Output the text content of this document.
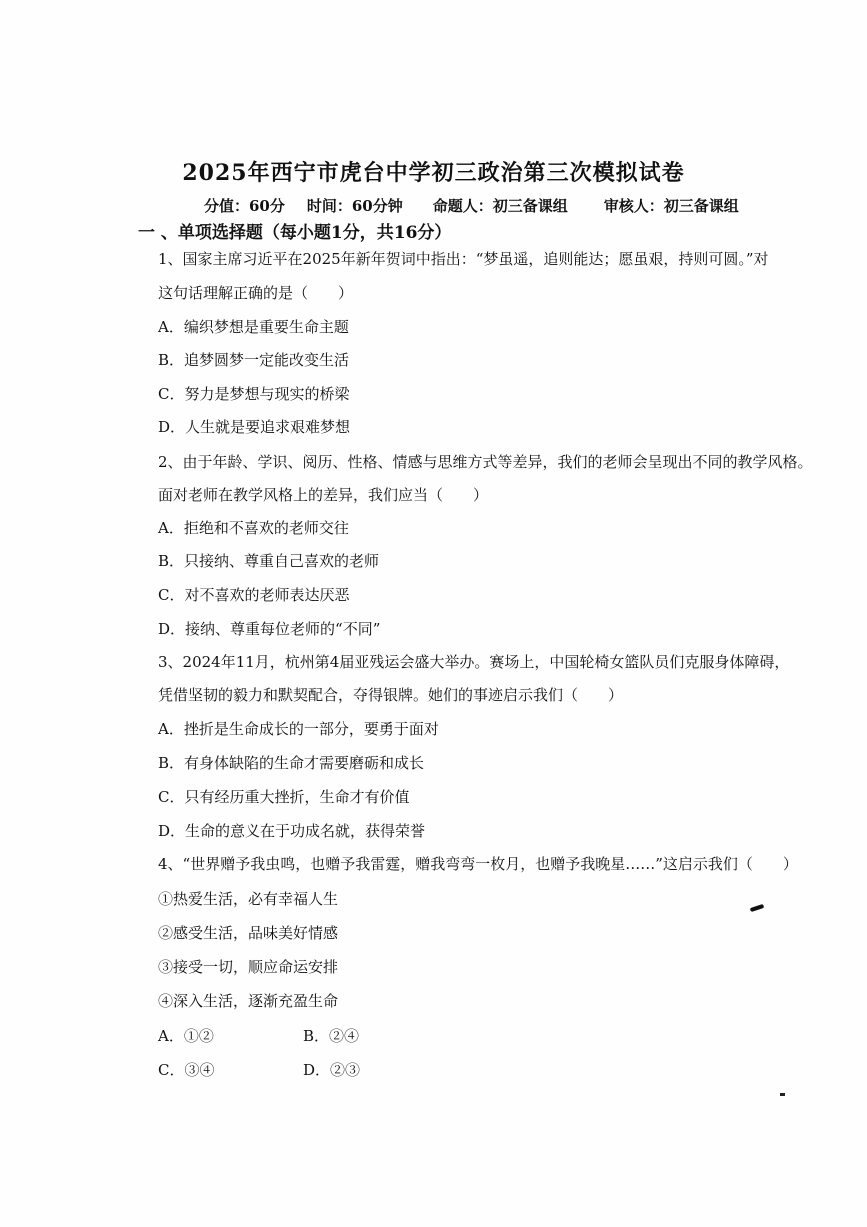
2025年西宁市虎台中学初三政治第三次模拟试卷
分值：60分 时间：60分钟 命题人：初三备课组 审核人：初三备课组
一 、单项选择题（每小题1分，共16分）
1、国家主席习近平在2025年新年贺词中指出：“梦虽遥，追则能达；愿虽艰，持则可圆。”对
这句话理解正确的是（　　）
A．编织梦想是重要生命主题
B．追梦圆梦一定能改变生活
C．努力是梦想与现实的桥梁
D．人生就是要追求艰难梦想
2、由于年龄、学识、阅历、性格、情感与思维方式等差异，我们的老师会呈现出不同的教学风格。
面对老师在教学风格上的差异，我们应当（　　）
A．拒绝和不喜欢的老师交往
B．只接纳、尊重自己喜欢的老师
C．对不喜欢的老师表达厌恶
D．接纳、尊重每位老师的“不同”
3、2024年11月，杭州第4届亚残运会盛大举办。赛场上，中国轮椅女篮队员们克服身体障碍，
凭借坚韧的毅力和默契配合，夺得银牌。她们的事迹启示我们（　　）
A．挫折是生命成长的一部分，要勇于面对
B．有身体缺陷的生命才需要磨砺和成长
C．只有经历重大挫折，生命才有价值
D．生命的意义在于功成名就，获得荣誉
4、“世界赠予我虫鸣，也赠予我雷霆，赠我弯弯一枚月，也赠予我晚星……”这启示我们（　　）
①热爱生活，必有幸福人生
②感受生活，品味美好情感
③接受一切，顺应命运安排
④深入生活，逐渐充盈生命
A．①②	B．②④
C．③④	D．②③
